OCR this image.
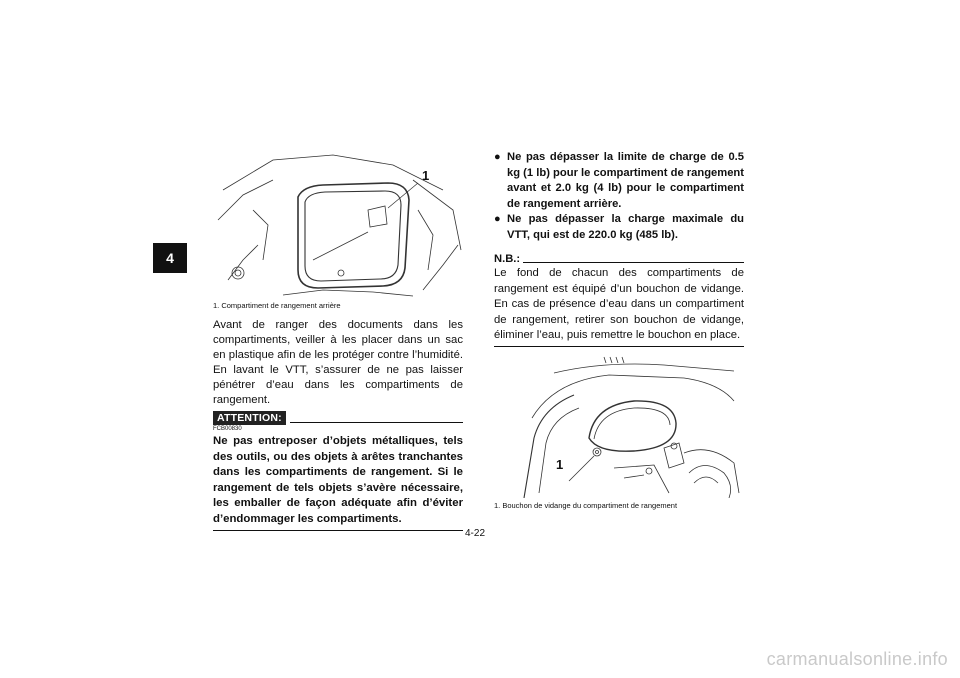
4
1
1. Compartiment de rangement arrière

Avant de ranger des documents dans les compartiments, veiller à les placer dans un sac en plastique afin de les protéger contre l’humidité. En lavant le VTT, s’assurer de ne pas laisser pénétrer d’eau dans les compartiments de rangement.

ATTENTION:
FCB00830

Ne pas entreposer d’objets métalliques, tels des outils, ou des objets à arêtes tranchantes dans les compartiments de rangement. Si le rangement de tels objets s’avère nécessaire, les emballer de façon adéquate afin d’éviter d’endommager les compartiments.

● Ne pas dépasser la limite de charge de 0.5 kg (1 lb) pour le compartiment de rangement avant et 2.0 kg (4 lb) pour le compartiment de rangement arrière.
● Ne pas dépasser la charge maximale du VTT, qui est de 220.0 kg (485 lb).
N.B.:

Le fond de chacun des compartiments de rangement est équipé d’un bouchon de vidange. En cas de présence d’eau dans un compartiment de rangement, retirer son bouchon de vidange, éliminer l’eau, puis remettre le bouchon en place.

1
1. Bouchon de vidange du compartiment de rangement
4-22
carmanualsonline.info
